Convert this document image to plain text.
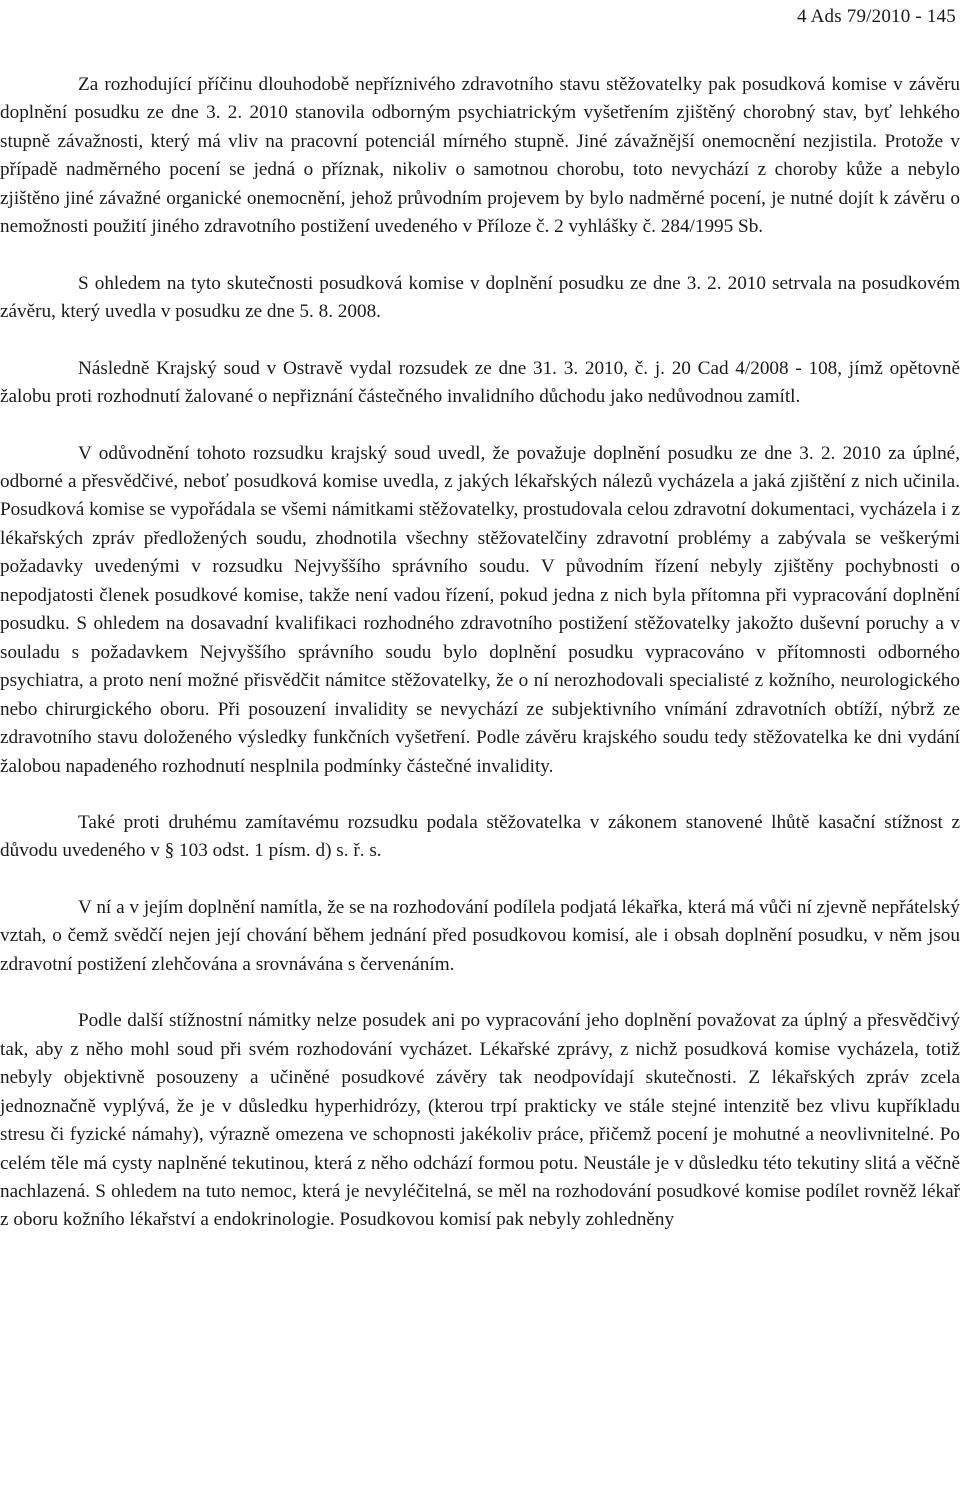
4 Ads 79/2010 - 145

Za rozhodující příčinu dlouhodobě nepříznivého zdravotního stavu stěžovatelky pak posudková komise v závěru doplnění posudku ze dne 3. 2. 2010 stanovila odborným psychiatrickým vyšetřením zjištěný chorobný stav, byť lehkého stupně závažnosti, který má vliv na pracovní potenciál mírného stupně. Jiné závažnější onemocnění nezjistila. Protože v případě nadměrného pocení se jedná o příznak, nikoliv o samotnou chorobu, toto nevychází z choroby kůže a nebylo zjištěno jiné závažné organické onemocnění, jehož průvodním projevem by bylo nadměrné pocení, je nutné dojít k závěru o nemožnosti použití jiného zdravotního postižení uvedeného v Příloze č. 2 vyhlášky č. 284/1995 Sb.

S ohledem na tyto skutečnosti posudková komise v doplnění posudku ze dne 3. 2. 2010 setrvala na posudkovém závěru, který uvedla v posudku ze dne 5. 8. 2008.

Následně Krajský soud v Ostravě vydal rozsudek ze dne 31. 3. 2010, č. j. 20 Cad 4/2008 - 108, jímž opětovně žalobu proti rozhodnutí žalované o nepřiznání částečného invalidního důchodu jako nedůvodnou zamítl.

V odůvodnění tohoto rozsudku krajský soud uvedl, že považuje doplnění posudku ze dne 3. 2. 2010 za úplné, odborné a přesvědčivé, neboť posudková komise uvedla, z jakých lékařských nálezů vycházela a jaká zjištění z nich učinila. Posudková komise se vypořádala se všemi námitkami stěžovatelky, prostudovala celou zdravotní dokumentaci, vycházela i z lékařských zpráv předložených soudu, zhodnotila všechny stěžovatelčiny zdravotní problémy a zabývala se veškerými požadavky uvedenými v rozsudku Nejvyššího správního soudu. V původním řízení nebyly zjištěny pochybnosti o nepodjatosti členek posudkové komise, takže není vadou řízení, pokud jedna z nich byla přítomna při vypracování doplnění posudku. S ohledem na dosavadní kvalifikaci rozhodného zdravotního postižení stěžovatelky jakožto duševní poruchy a v souladu s požadavkem Nejvyššího správního soudu bylo doplnění posudku vypracováno v přítomnosti odborného psychiatra, a proto není možné přisvědčit námitce stěžovatelky, že o ní nerozhodovali specialisté z kožního, neurologického nebo chirurgického oboru. Při posouzení invalidity se nevychází ze subjektivního vnímání zdravotních obtíží, nýbrž ze zdravotního stavu doloženého výsledky funkčních vyšetření. Podle závěru krajského soudu tedy stěžovatelka ke dni vydání žalobou napadeného rozhodnutí nesplnila podmínky částečné invalidity.

Také proti druhému zamítavému rozsudku podala stěžovatelka v zákonem stanovené lhůtě kasační stížnost z důvodu uvedeného v § 103 odst. 1 písm. d) s. ř. s.

V ní a v jejím doplnění namítla, že se na rozhodování podílela podjatá lékařka, která má vůči ní zjevně nepřátelský vztah, o čemž svědčí nejen její chování během jednání před posudkovou komisí, ale i obsah doplnění posudku, v něm jsou zdravotní postižení zlehčována a srovnávána s červenáním.

Podle další stížnostní námitky nelze posudek ani po vypracování jeho doplnění považovat za úplný a přesvědčivý tak, aby z něho mohl soud při svém rozhodování vycházet. Lékařské zprávy, z nichž posudková komise vycházela, totiž nebyly objektivně posouzeny a učiněné posudkové závěry tak neodpovídají skutečnosti. Z lékařských zpráv zcela jednoznačně vyplývá, že je v důsledku hyperhidrózy, (kterou trpí prakticky ve stále stejné intenzitě bez vlivu kupříkladu stresu či fyzické námahy), výrazně omezena ve schopnosti jakékoliv práce, přičemž pocení je mohutné a neovlivnitelné. Po celém těle má cysty naplněné tekutinou, která z něho odchází formou potu. Neustále je v důsledku této tekutiny slitá a věčně nachlazená. S ohledem na tuto nemoc, která je nevyléčitelná, se měl na rozhodování posudkové komise podílet rovněž lékař z oboru kožního lékařství a endokrinologie. Posudkovou komisí pak nebyly zohledněny
